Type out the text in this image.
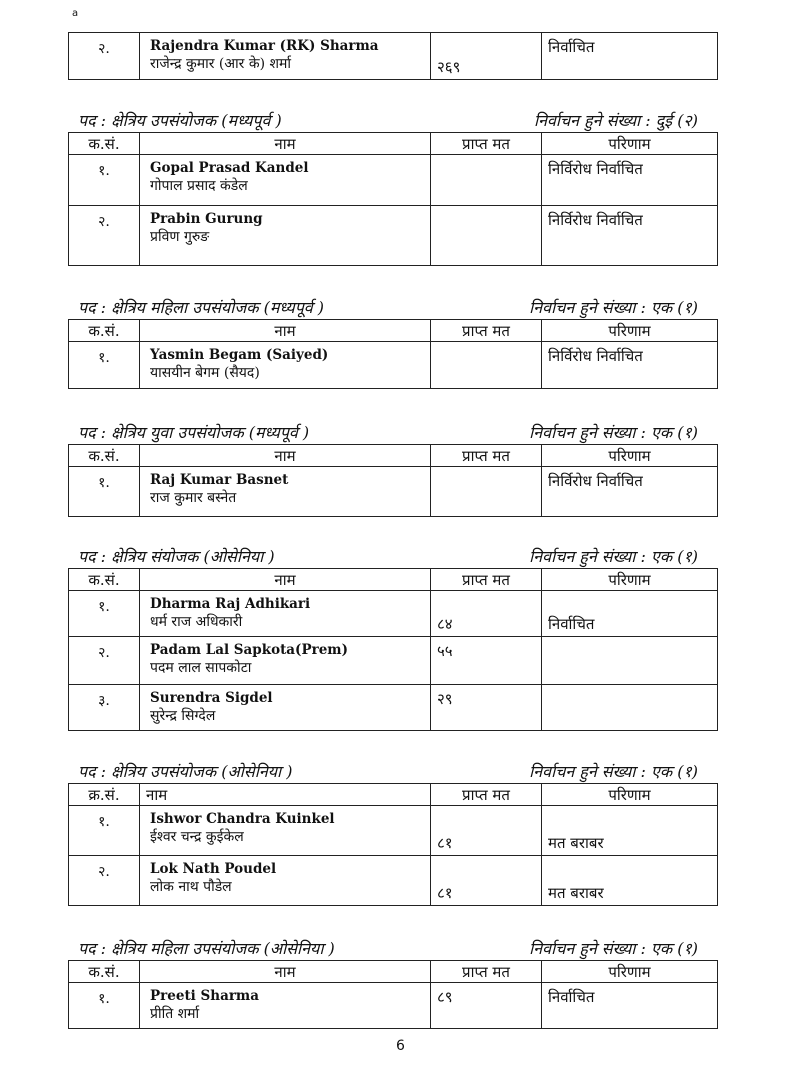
a
२.	Rajendra Kumar (RK) Sharma
राजेन्द्र कुमार (आर के) शर्मा	२६९	निर्वाचित
पद : क्षेत्रिय उपसंयोजक (मध्यपूर्व )	निर्वाचन हुने संख्या : दुई (२)
क.सं.	नाम	प्राप्त मत	परिणाम
१.	Gopal Prasad Kandel
गोपाल प्रसाद कंडेल		निर्विरोध निर्वाचित
२.	Prabin Gurung
प्रविण गुरुङ		निर्विरोध निर्वाचित
पद : क्षेत्रिय महिला उपसंयोजक (मध्यपूर्व )	निर्वाचन हुने संख्या : एक (१)
क.सं.	नाम	प्राप्त मत	परिणाम
१.	Yasmin Begam (Saiyed)
यासयीन बेगम (सैयद)		निर्विरोध निर्वाचित
पद : क्षेत्रिय युवा उपसंयोजक (मध्यपूर्व )	निर्वाचन हुने संख्या : एक (१)
क.सं.	नाम	प्राप्त मत	परिणाम
१.	Raj Kumar Basnet
राज कुमार बस्नेत		निर्विरोध निर्वाचित
पद : क्षेत्रिय संयोजक (ओसेनिया )	निर्वाचन हुने संख्या : एक (१)
क.सं.	नाम	प्राप्त मत	परिणाम
१.	Dharma Raj Adhikari
धर्म राज अधिकारी	८४	निर्वाचित
२.	Padam Lal Sapkota(Prem)
पदम लाल सापकोटा	५५	
३.	Surendra Sigdel
सुरेन्द्र सिग्देल	२९	
पद : क्षेत्रिय उपसंयोजक (ओसेनिया )	निर्वाचन हुने संख्या : एक (१)
क्र.सं.	नाम	प्राप्त मत	परिणाम
१.	Ishwor Chandra Kuinkel
ईश्वर चन्द्र कुईकेल	८१	मत बराबर
२.	Lok Nath Poudel
लोक नाथ पौडेल	८१	मत बराबर
पद : क्षेत्रिय महिला उपसंयोजक (ओसेनिया )	निर्वाचन हुने संख्या : एक (१)
क.सं.	नाम	प्राप्त मत	परिणाम
१.	Preeti Sharma
प्रीति शर्मा	८९	निर्वाचित
6
